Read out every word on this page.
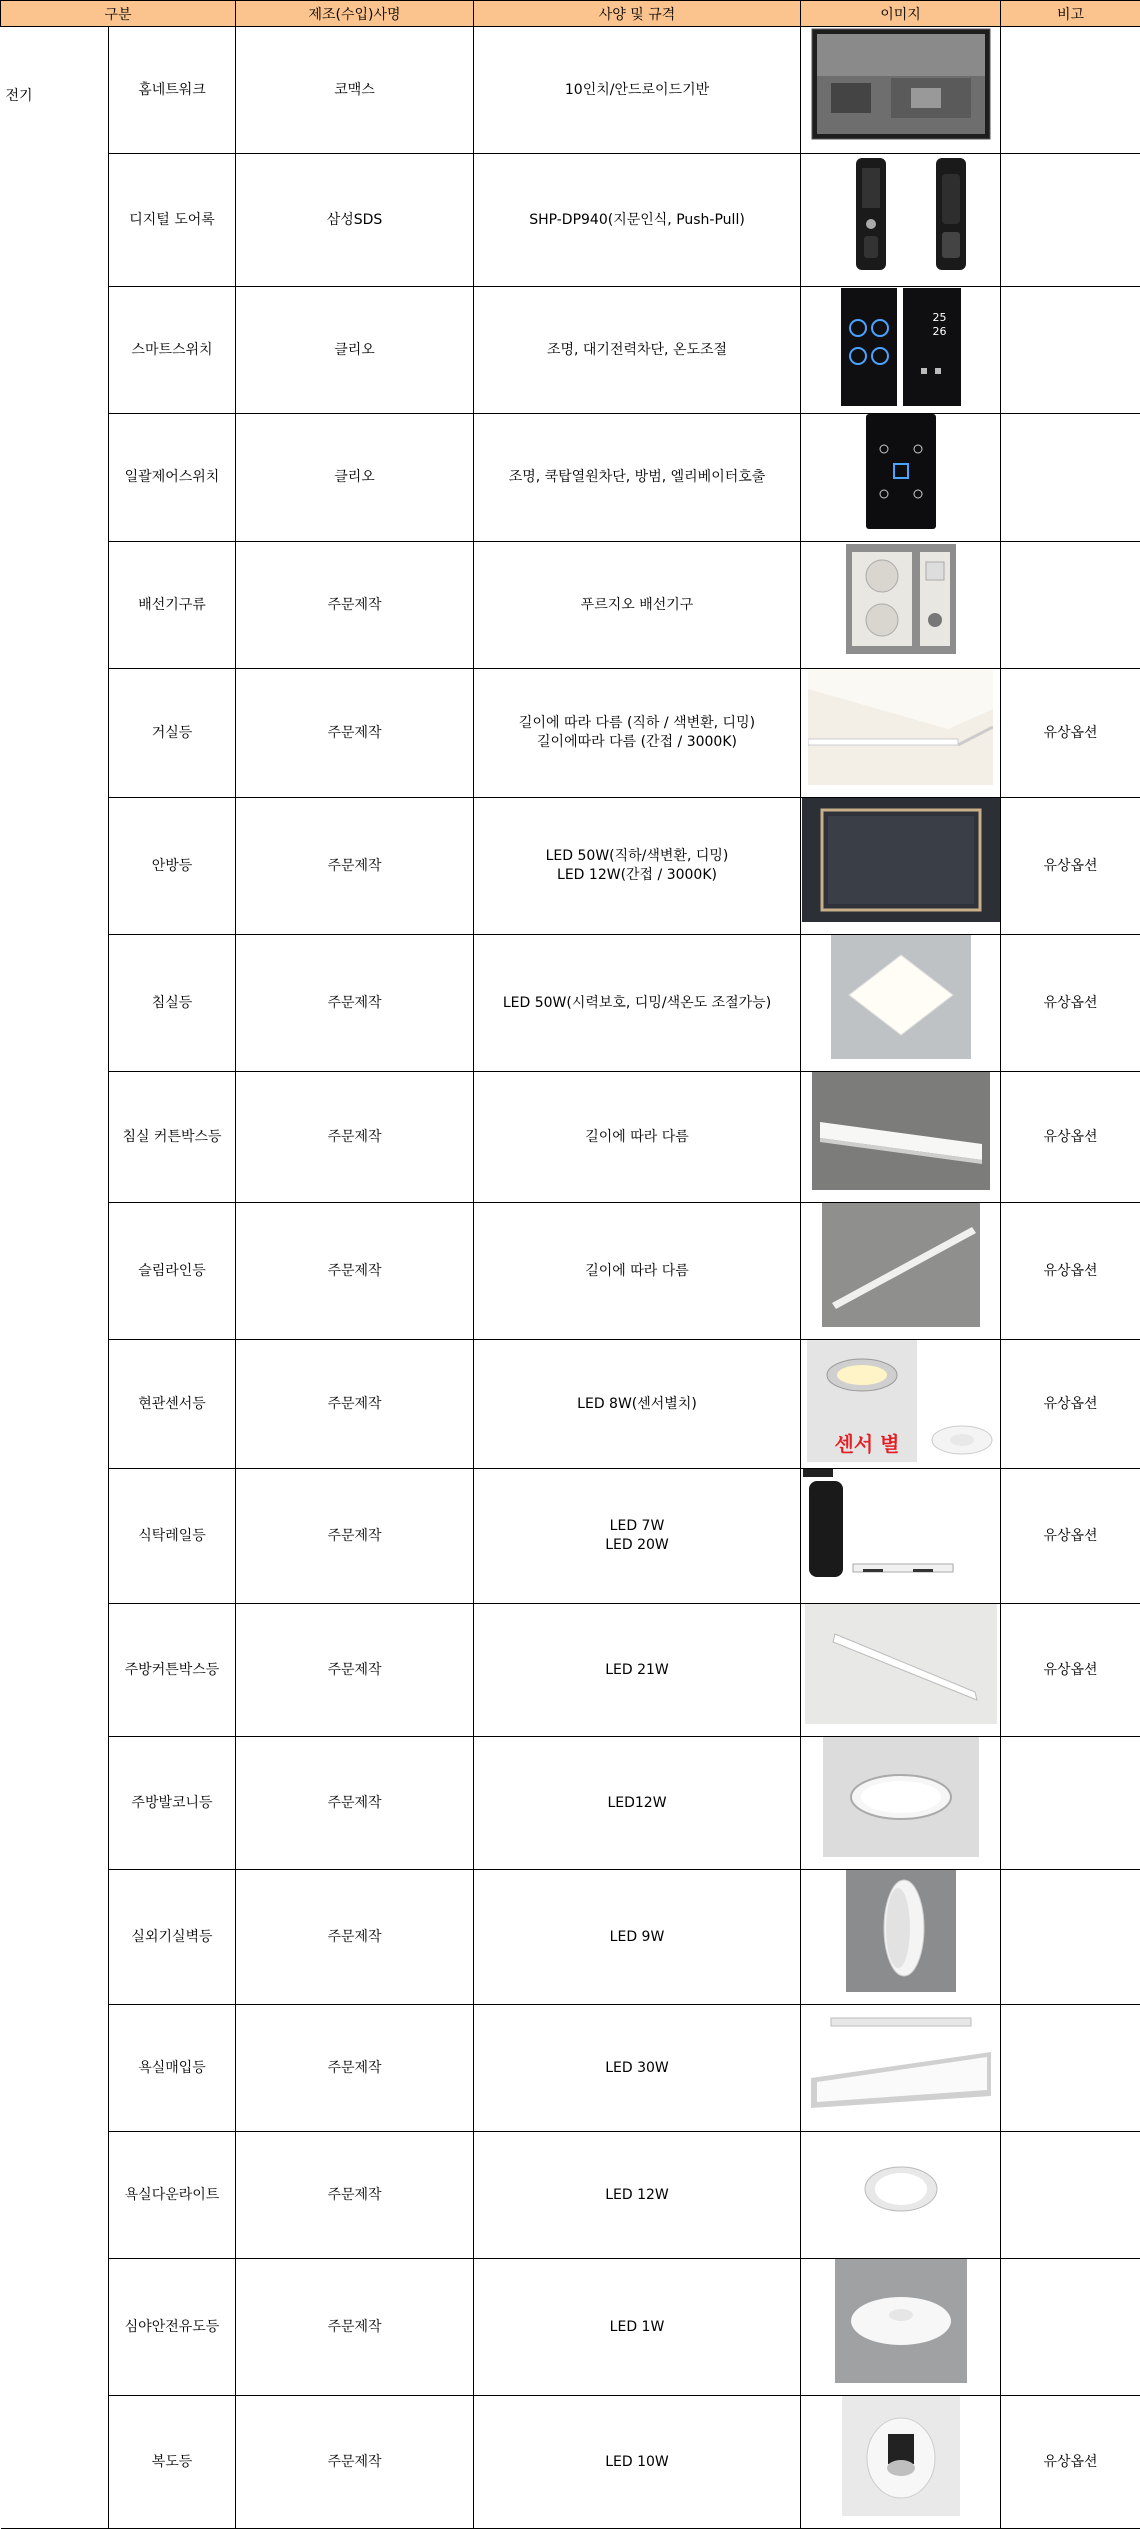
구분		제조(수입)사명	사양 및 규격	이미지	비고
전기	홈네트워크	코맥스	10인치/안드로이드기반

	디지털 도어록	삼성SDS	SHP-DP940(지문인식, Push-Pull)

	스마트스위치	클리오	조명, 대기전력차단, 온도조절	25
26	

	일괄제어스위치	클리오	조명, 쿡탑열원차단, 방범, 엘리베이터호출

	배선기구류	주문제작	푸르지오 배선기구

	거실등	주문제작	길이에 따라 다름 (직하 / 색변환, 디밍)
길이에따라 다름 (간접 / 3000K)		유상옵션
	안방등	주문제작	LED 50W(직하/색변환, 디밍)
LED 12W(간접 / 3000K)		유상옵션
	침실등	주문제작	LED 50W(시력보호, 디밍/색온도 조절가능)		유상옵션
	침실 커튼박스등	주문제작	길이에 따라 다름		유상옵션
	슬림라인등	주문제작	길이에 따라 다름		유상옵션
	현관센서등	주문제작	LED 8W(센서별치)	센서 별	유상옵션
	식탁레일등	주문제작	LED 7W
LED 20W		유상옵션
	주방커튼박스등	주문제작	LED 21W		유상옵션
	주방발코니등	주문제작	LED12W

	실외기실벽등	주문제작	LED 9W

	욕실매입등	주문제작	LED 30W

	욕실다운라이트	주문제작	LED 12W

	심야안전유도등	주문제작	LED 1W

	복도등	주문제작	LED 10W		유상옵션
